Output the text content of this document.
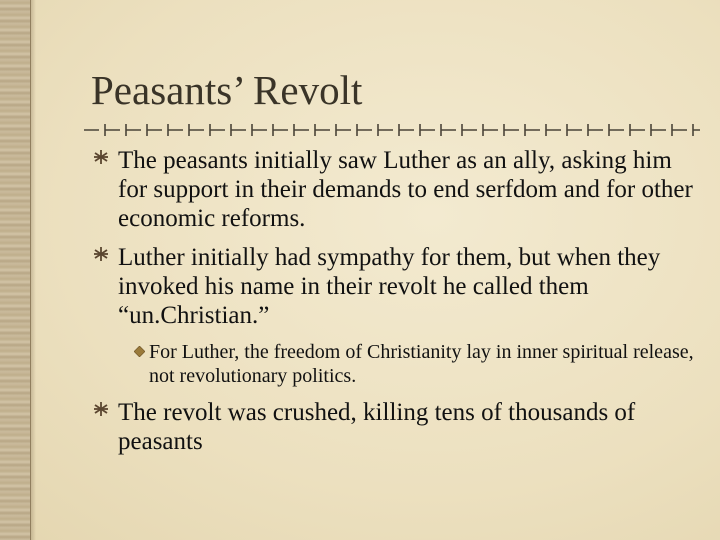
Peasants’ Revolt
The peasants initially saw Luther as an ally, asking him for support in their demands to end serfdom and for other economic reforms.
Luther initially had sympathy for them, but when they invoked his name in their revolt he called them “un.Christian.”
For Luther, the freedom of Christianity lay in inner spiritual release, not revolutionary politics.
The revolt was crushed, killing tens of thousands of peasants
